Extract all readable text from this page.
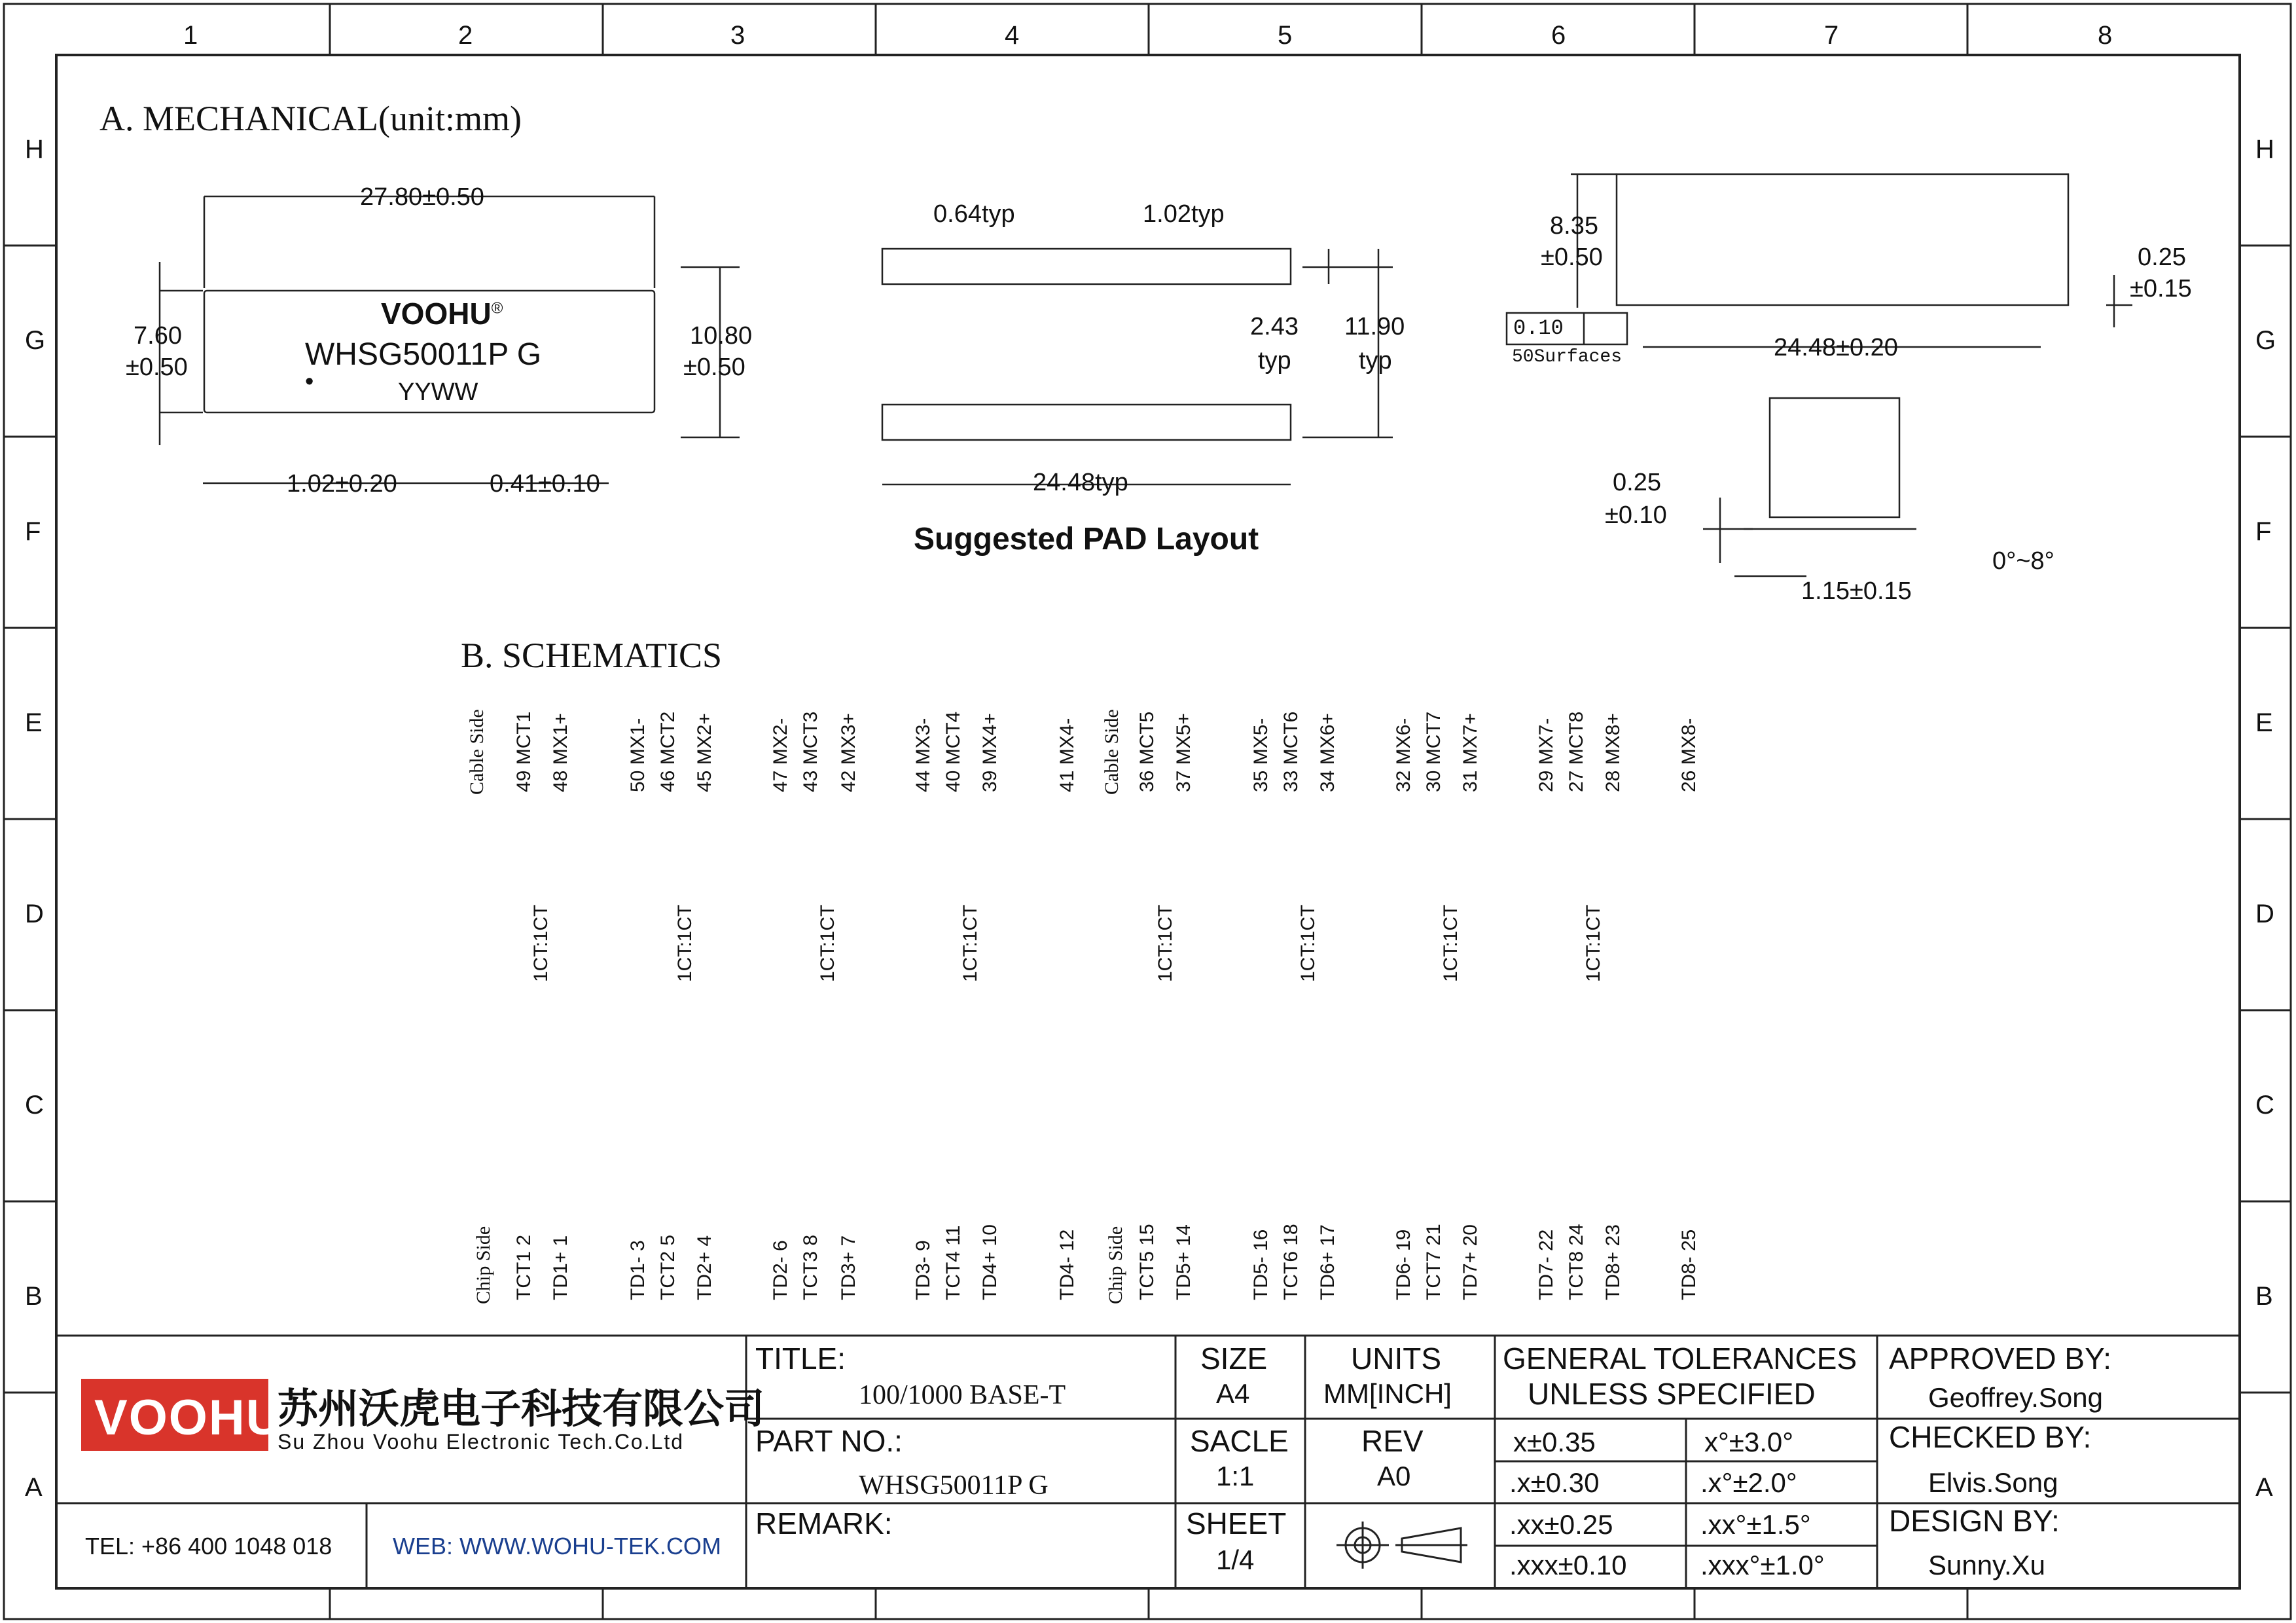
1	2	3	4	5	6	7	8
H
G
F
E
D
C
B
A
H
G
F
E
D
C
B
A
A. MECHANICAL(unit:mm)
27.80±0.50
7.60
±0.50
10.80
±0.50
VOOHU®
WHSG50011P G
•	YYWW
1.02±0.20	0.41±0.10
0.64typ	1.02typ
2.43
typ
11.90
typ
24.48typ
Suggested PAD Layout
8.35
±0.50	0.25
±0.15
0.10
50Surfaces	24.48±0.20
0.25
±0.10
1.15±0.15
0°~8°
B. SCHEMATICS
Cable Side	Cable Side
Chip Side	Chip Side
49 MCT1 48 MX1+	50 MX1- 46 MCT2 45 MX2+	47 MX2- 43 MCT3 42 MX3+	44 MX3- 40 MCT4 39 MX4+	41 MX4-	36 MCT5 37 MX5+	35 MX5- 33 MCT6 34 MX6+	32 MX6- 30 MCT7 31 MX7+	29 MX7- 27 MCT8 28 MX8+	26 MX8-
TCT1 2 TD1+ 1	TD1- 3 TCT2 5 TD2+ 4	TD2- 6 TCT3 8 TD3+ 7	TD3- 9 TCT4 11 TD4+ 10	TD4- 12	TCT5 15 TD5+ 14	TD5- 16 TCT6 18 TD6+ 17	TD6- 19 TCT7 21 TD7+ 20	TD7- 22 TCT8 24 TD8+ 23	TD8- 25
1CT:1CT	1CT:1CT	1CT:1CT	1CT:1CT	1CT:1CT	1CT:1CT	1CT:1CT	1CT:1CT
VOOHU
苏州沃虎电子科技有限公司
Su Zhou Voohu Electronic Tech.Co.Ltd
TEL: +86 400 1048 018	WEB: WWW.WOHU-TEK.COM
TITLE:
100/1000 BASE-T
PART NO.:
WHSG50011P G
REMARK:
SIZE
A4
SACLE
1:1
SHEET
1/4
UNITS
MM[INCH]
REV
A0
GENERAL TOLERANCES
UNLESS SPECIFIED
x±0.35	x°±3.0°
.x±0.30	.x°±2.0°
.xx±0.25	.xx°±1.5°
.xxx±0.10	.xxx°±1.0°
APPROVED BY:
Geoffrey.Song
CHECKED BY:
Elvis.Song
DESIGN BY:
Sunny.Xu
